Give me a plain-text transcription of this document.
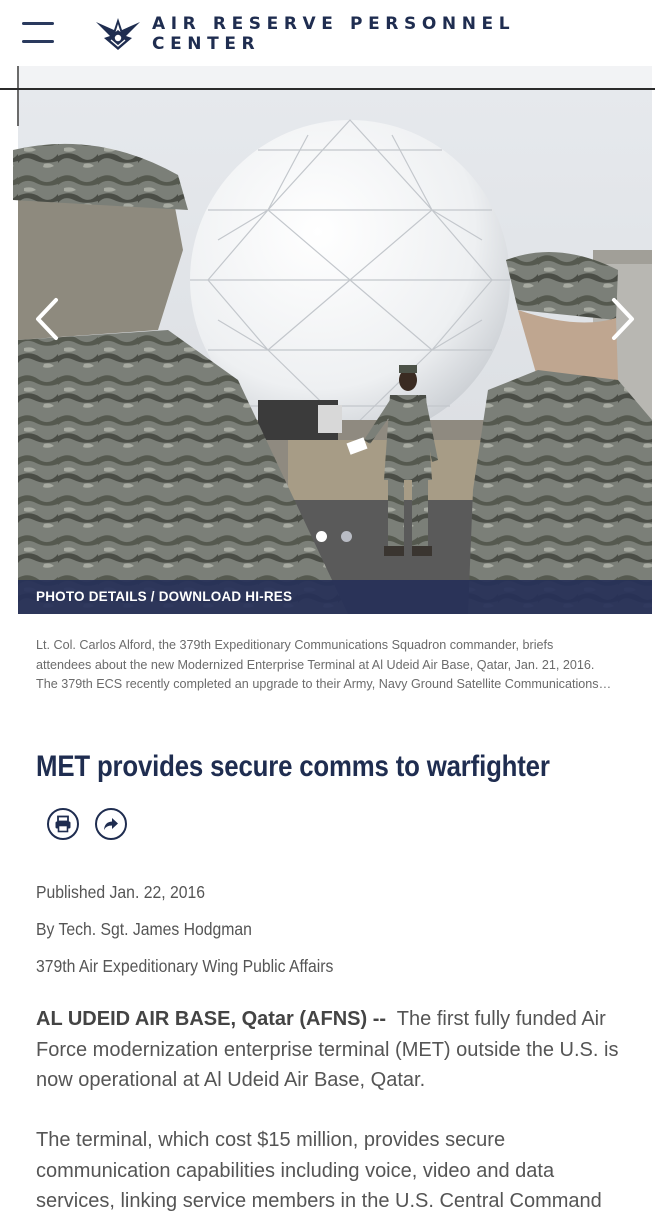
AIR RESERVE PERSONNEL
CENTER
PHOTO DETAILS / DOWNLOAD HI-RES
Lt. Col. Carlos Alford, the 379th Expeditionary Communications Squadron commander, briefs
attendees about the new Modernized Enterprise Terminal at Al Udeid Air Base, Qatar, Jan. 21, 2016.
The 379th ECS recently completed an upgrade to their Army, Navy Ground Satellite Communications…
MET provides secure comms to warfighter
Published Jan. 22, 2016
By Tech. Sgt. James Hodgman
379th Air Expeditionary Wing Public Affairs

AL UDEID AIR BASE, Qatar (AFNS) -- The first fully funded Air Force modernization enterprise terminal (MET) outside the U.S. is now operational at Al Udeid Air Base, Qatar.

The terminal, which cost $15 million, provides secure communication capabilities including voice, video and data services, linking service members in the U.S. Central Command
